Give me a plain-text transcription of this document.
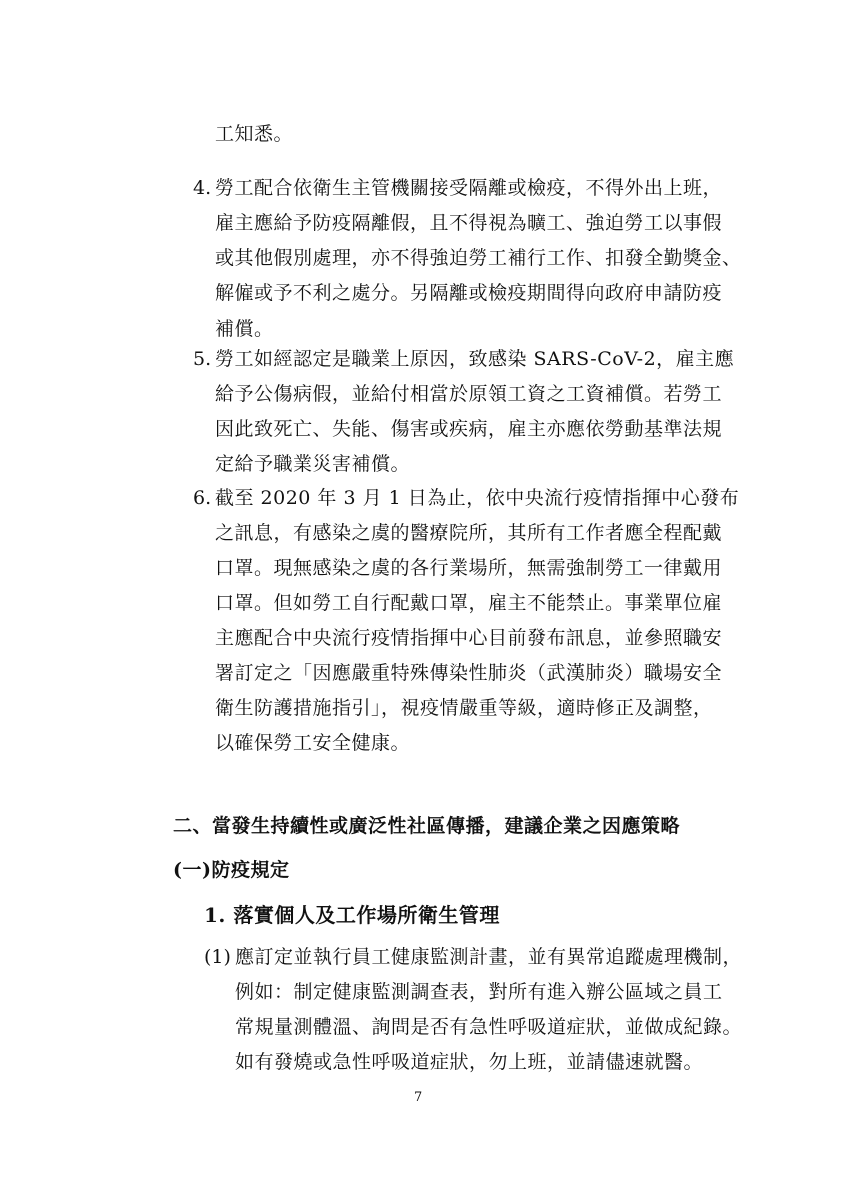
工知悉。
4. 勞工配合依衛生主管機關接受隔離或檢疫，不得外出上班，
雇主應給予防疫隔離假，且不得視為曠工、強迫勞工以事假
或其他假別處理，亦不得強迫勞工補行工作、扣發全勤獎金、
解僱或予不利之處分。另隔離或檢疫期間得向政府申請防疫
補償。
5. 勞工如經認定是職業上原因，致感染 SARS-CoV-2，雇主應
給予公傷病假，並給付相當於原領工資之工資補償。若勞工
因此致死亡、失能、傷害或疾病，雇主亦應依勞動基準法規
定給予職業災害補償。
6. 截至 2020 年 3 月 1 日為止，依中央流行疫情指揮中心發布
之訊息，有感染之虞的醫療院所，其所有工作者應全程配戴
口罩。現無感染之虞的各行業場所，無需強制勞工一律戴用
口罩。但如勞工自行配戴口罩，雇主不能禁止。事業單位雇
主應配合中央流行疫情指揮中心目前發布訊息，並參照職安
署訂定之「因應嚴重特殊傳染性肺炎（武漢肺炎）職場安全
衛生防護措施指引」，視疫情嚴重等級，適時修正及調整，
以確保勞工安全健康。
二、當發生持續性或廣泛性社區傳播，建議企業之因應策略
(一)防疫規定
1. 落實個人及工作場所衛生管理
(1) 應訂定並執行員工健康監測計畫，並有異常追蹤處理機制，
例如：制定健康監測調查表，對所有進入辦公區域之員工
常規量測體溫、詢問是否有急性呼吸道症狀，並做成紀錄。
如有發燒或急性呼吸道症狀，勿上班，並請儘速就醫。
7
